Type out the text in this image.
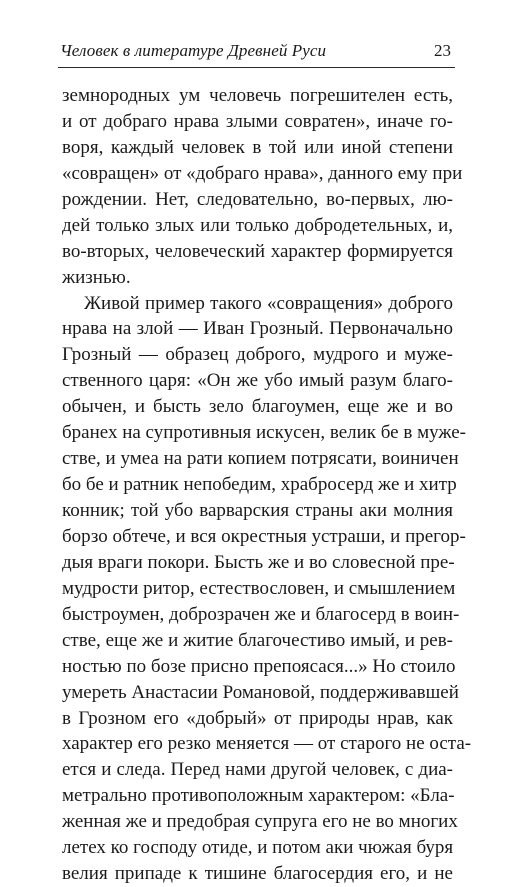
Человек в литературе Древней Руси	23
земнородных ум человечь погрешителен есть,
и от добраго нрава злыми совратен», иначе го-
воря, каждый человек в той или иной степени
«совращен» от «добраго нрава», данного ему при
рождении. Нет, следовательно, во-первых, лю-
дей только злых или только добродетельных, и,
во-вторых, человеческий характер формируется
жизнью.
Живой пример такого «совращения» доброго
нрава на злой — Иван Грозный. Первоначально
Грозный — образец доброго, мудрого и муже-
ственного царя: «Он же убо имый разум благо-
обычен, и бысть зело благоумен, еще же и во
бранех на супротивныя искусен, велик бе в муже-
стве, и умеа на рати копием потрясати, воиничен
бо бе и ратник непобедим, храбросерд же и хитр
конник; той убо варварския страны аки молния
борзо обтече, и вся окрестныя устраши, и прегор-
дыя враги покори. Бысть же и во словесной пре-
мудрости ритор, естествословен, и смышлением
быстроумен, доброзрачен же и благосерд в воин-
стве, еще же и житие благочестиво имый, и рев-
ностью по бозе присно препоясася...» Но стоило
умереть Анастасии Романовой, поддерживавшей
в Грозном его «добрый» от природы нрав, как
характер его резко меняется — от старого не оста-
ется и следа. Перед нами другой человек, с диа-
метрально противоположным характером: «Бла-
женная же и предобрая супруга его не во многих
летех ко господу отиде, и потом аки чюжая буря
велия припаде к тишине благосердия его, и не
